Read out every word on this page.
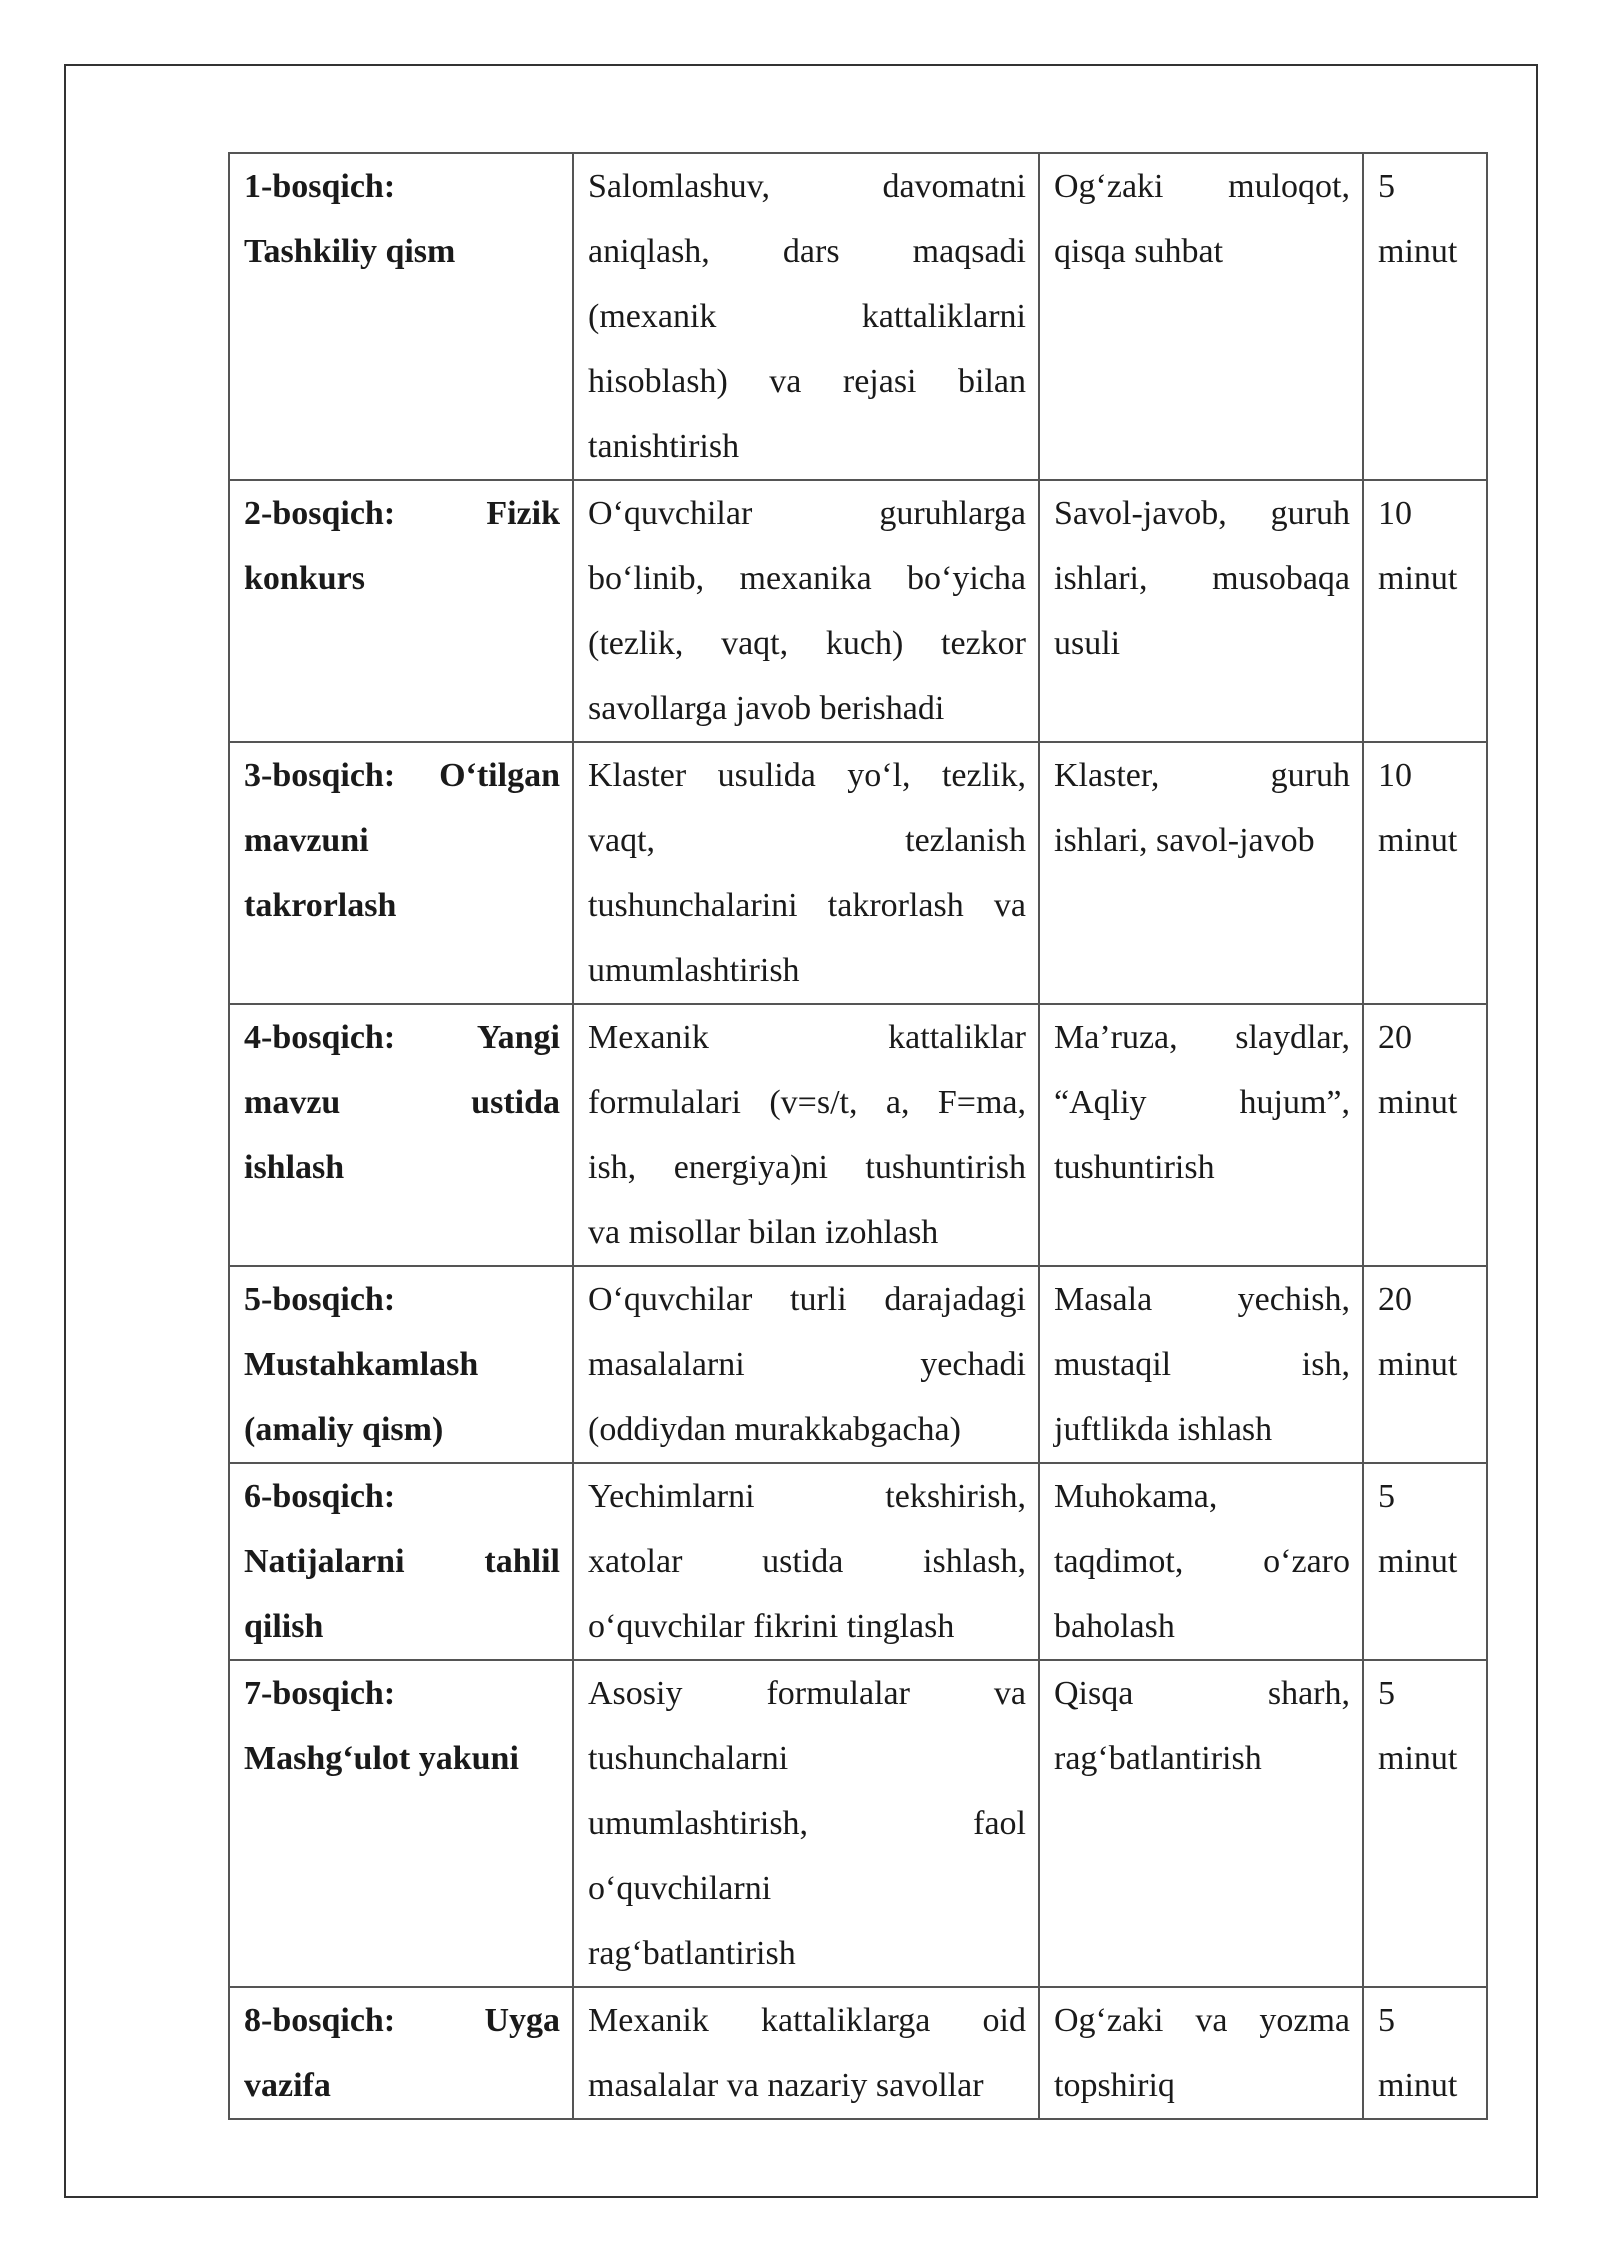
1-bosqich:
Tashkiliy qism	Salomlashuv, davomatni
aniqlash, dars maqsadi
(mexanik kattaliklarni
hisoblash) va rejasi bilan
tanishtirish	Og‘zaki muloqot,
qisqa suhbat	5
minut

2-bosqich: Fizik
konkurs	O‘quvchilar guruhlarga
bo‘linib, mexanika bo‘yicha
(tezlik, vaqt, kuch) tezkor
savollarga javob berishadi	Savol-javob, guruh
ishlari, musobaqa
usuli	10
minut

3-bosqich: O‘tilgan
mavzuni
takrorlash	Klaster usulida yo‘l, tezlik,
vaqt, tezlanish
tushunchalarini takrorlash va
umumlashtirish	Klaster, guruh
ishlari, savol-javob	10
minut

4-bosqich: Yangi
mavzu ustida
ishlash	Mexanik kattaliklar
formulalari (v=s/t, a, F=ma,
ish, energiya)ni tushuntirish
va misollar bilan izohlash	Ma’ruza, slaydlar,
“Aqliy hujum”,
tushuntirish	20
minut

5-bosqich:
Mustahkamlash
(amaliy qism)	O‘quvchilar turli darajadagi
masalalarni yechadi
(oddiydan murakkabgacha)	Masala yechish,
mustaqil ish,
juftlikda ishlash	20
minut

6-bosqich:
Natijalarni tahlil
qilish	Yechimlarni tekshirish,
xatolar ustida ishlash,
o‘quvchilar fikrini tinglash	Muhokama,
taqdimot, o‘zaro
baholash	5
minut

7-bosqich:
Mashg‘ulot yakuni	Asosiy formulalar va
tushunchalarni
umumlashtirish, faol
o‘quvchilarni
rag‘batlantirish	Qisqa sharh,
rag‘batlantirish	5
minut

8-bosqich: Uyga
vazifa	Mexanik kattaliklarga oid
masalalar va nazariy savollar	Og‘zaki va yozma
topshiriq	5
minut
